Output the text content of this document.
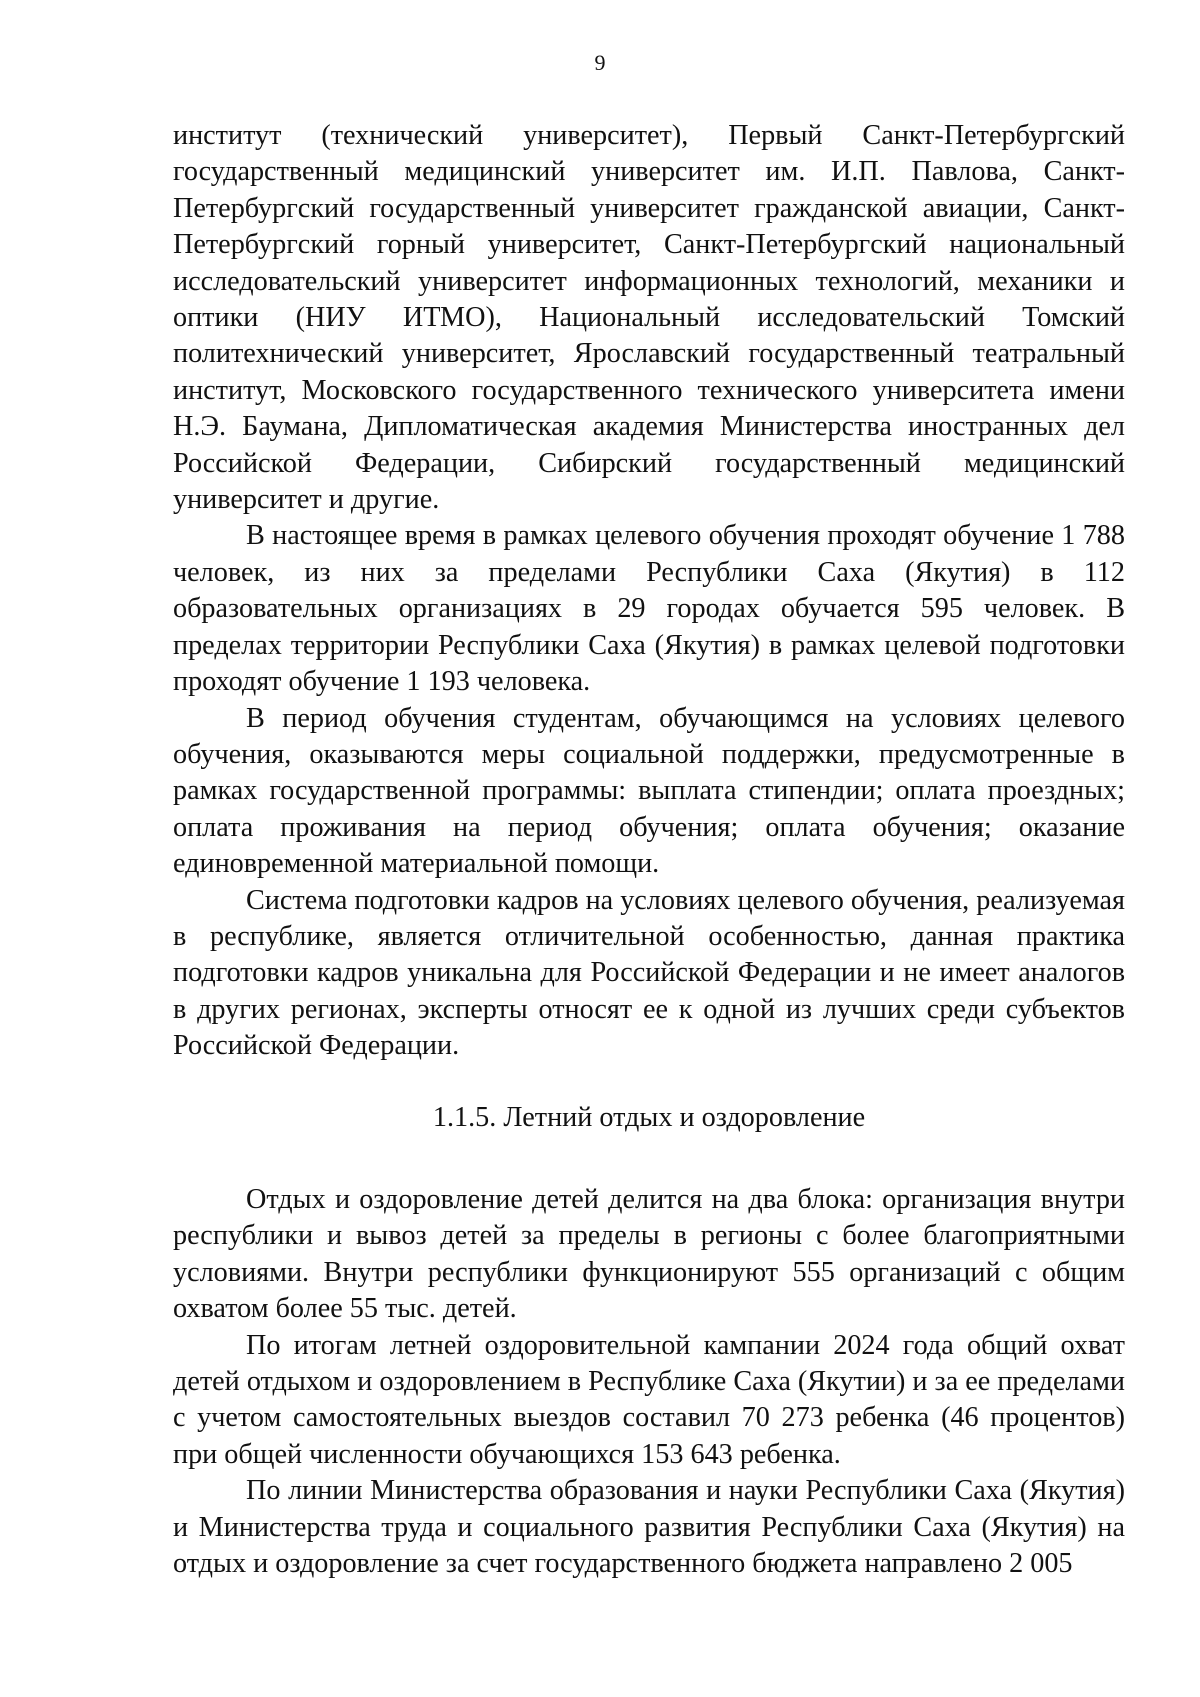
9

институт (технический университет), Первый Санкт-Петербургский государственный медицинский университет им. И.П. Павлова, Санкт-Петербургский государственный университет гражданской авиации, Санкт-Петербургский горный университет, Санкт-Петербургский национальный исследовательский университет информационных технологий, механики и оптики (НИУ ИТМО), Национальный исследовательский Томский политехнический университет, Ярославский государственный театральный институт, Московского государственного технического университета имени Н.Э. Баумана, Дипломатическая академия Министерства иностранных дел Российской Федерации, Сибирский государственный медицинский университет и другие.

В настоящее время в рамках целевого обучения проходят обучение 1 788 человек, из них за пределами Республики Саха (Якутия) в 112 образовательных организациях в 29 городах обучается 595 человек. В пределах территории Республики Саха (Якутия) в рамках целевой подготовки проходят обучение 1 193 человека.

В период обучения студентам, обучающимся на условиях целевого обучения, оказываются меры социальной поддержки, предусмотренные в рамках государственной программы: выплата стипендии; оплата проездных; оплата проживания на период обучения; оплата обучения; оказание единовременной материальной помощи.

Система подготовки кадров на условиях целевого обучения, реализуемая в республике, является отличительной особенностью, данная практика подготовки кадров уникальна для Российской Федерации и не имеет аналогов в других регионах, эксперты относят ее к одной из лучших среди субъектов Российской Федерации.

1.1.5. Летний отдых и оздоровление

Отдых и оздоровление детей делится на два блока: организация внутри республики и вывоз детей за пределы в регионы с более благоприятными условиями. Внутри республики функционируют 555 организаций с общим охватом более 55 тыс. детей.

По итогам летней оздоровительной кампании 2024 года общий охват детей отдыхом и оздоровлением в Республике Саха (Якутии) и за ее пределами с учетом самостоятельных выездов составил 70 273 ребенка (46 процентов) при общей численности обучающихся 153 643 ребенка.

По линии Министерства образования и науки Республики Саха (Якутия) и Министерства труда и социального развития Республики Саха (Якутия) на отдых и оздоровление за счет государственного бюджета направлено 2 005
